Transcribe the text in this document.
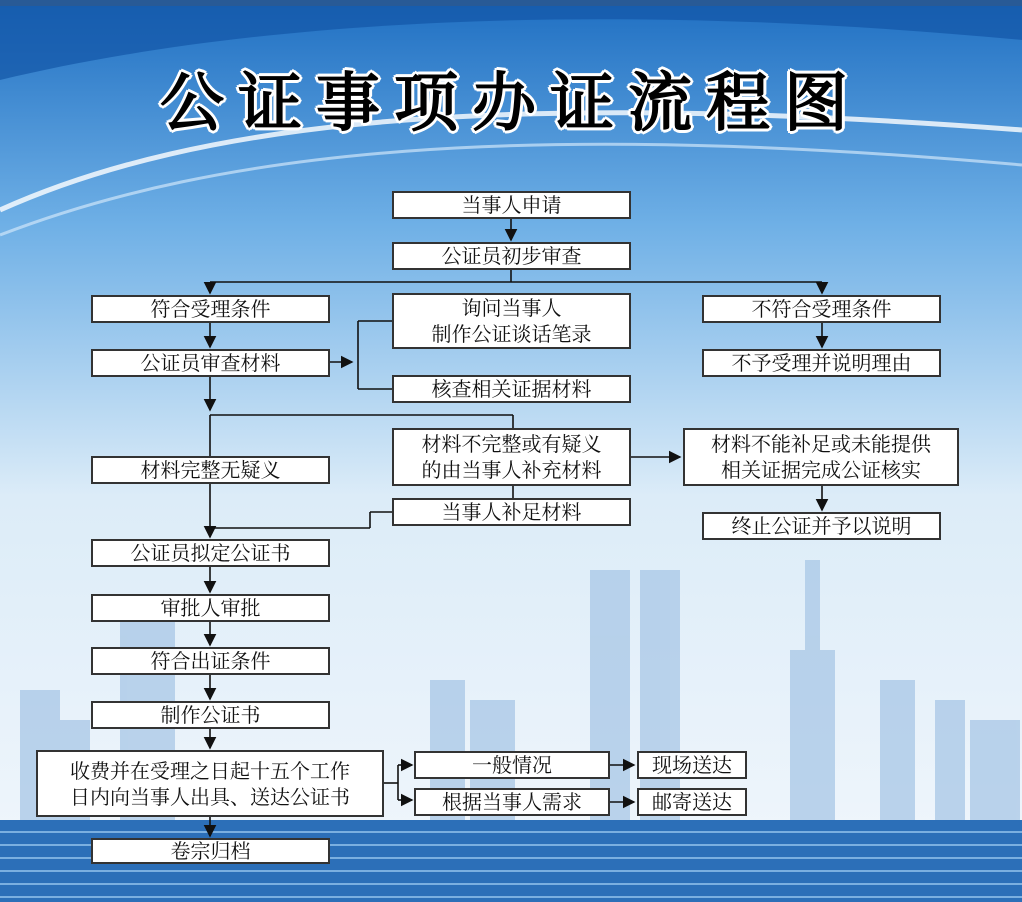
公证事项办证流程图
当事人申请
公证员初步审查
符合受理条件
公证员审查材料
询问当事人
制作公证谈话笔录
核查相关证据材料
不符合受理条件
不予受理并说明理由
材料完整无疑义
材料不完整或有疑义
的由当事人补充材料
当事人补足材料
材料不能补足或未能提供
相关证据完成公证核实
终止公证并予以说明
公证员拟定公证书
审批人审批
符合出证条件
制作公证书
收费并在受理之日起十五个工作
日内向当事人出具、送达公证书
一般情况
根据当事人需求
现场送达
邮寄送达
卷宗归档
